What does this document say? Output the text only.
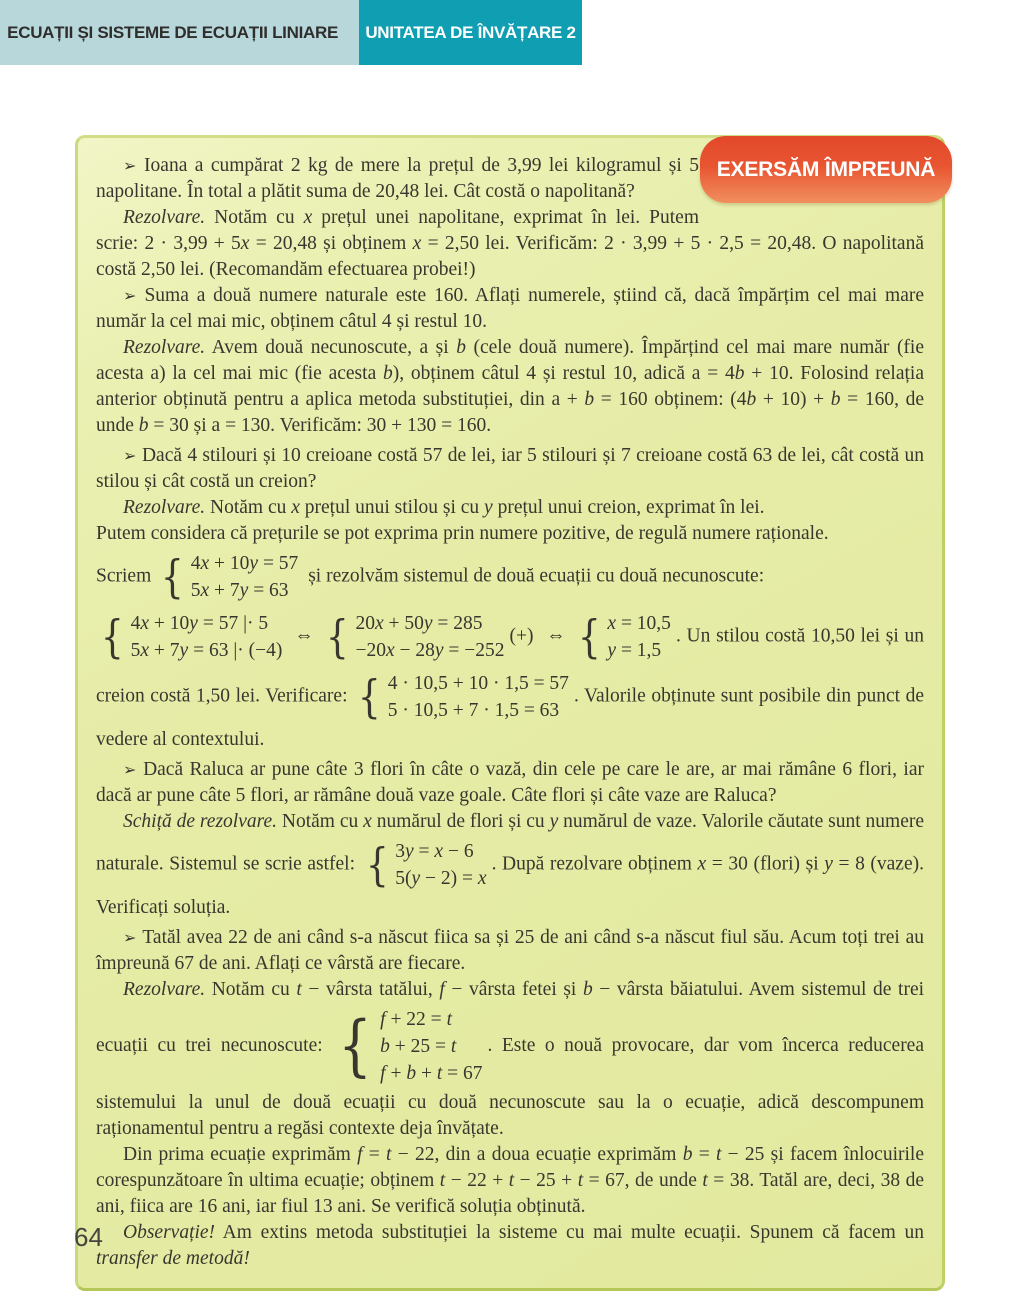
ECUAȚII ȘI SISTEME DE ECUAȚII LINIARE UNITATEA DE ÎNVĂȚARE 2
EXERSĂM ÎMPREUNĂ

➢ Ioana a cumpărat 2 kg de mere la prețul de 3,99 lei kilogramul și 5 napolitane. În total a plătit suma de 20,48 lei. Cât costă o napolitană?

Rezolvare. Notăm cu x prețul unei napolitane, exprimat în lei. Putem scrie: 2 · 3,99 + 5x = 20,48 și obținem x = 2,50 lei. Verificăm: 2 · 3,99 + 5 · 2,5 = 20,48. O napolitană costă 2,50 lei. (Recomandăm efectuarea probei!)

➢ Suma a două numere naturale este 160. Aflați numerele, știind că, dacă împărțim cel mai mare număr la cel mai mic, obținem câtul 4 și restul 10.

Rezolvare. Avem două necunoscute, a și b (cele două numere). Împărțind cel mai mare număr (fie acesta a) la cel mai mic (fie acesta b), obținem câtul 4 și restul 10, adică a = 4b + 10. Folosind relația anterior obținută pentru a aplica metoda substituției, din a + b = 160 obținem: (4b + 10) + b = 160, de unde b = 30 și a = 130. Verificăm: 30 + 130 = 160.

➢ Dacă 4 stilouri și 10 creioane costă 57 de lei, iar 5 stilouri și 7 creioane costă 63 de lei, cât costă un stilou și cât costă un creion?

Rezolvare. Notăm cu x prețul unui stilou și cu y prețul unui creion, exprimat în lei.

Putem considera că prețurile se pot exprima prin numere pozitive, de regulă numere raționale.

Scriem { 4x + 10y = 57
5x + 7y = 63
și rezolvăm sistemul de două ecuații cu două necunoscute:

{ 4x + 10y = 57 |· 5
5x + 7y = 63 |· (−4)
⇔ { 20x + 50y = 285
−20x − 28y = −252
(+) ⇔ { x = 10,5
y = 1,5
. Un stilou costă 10,50 lei și un creion costă 1,50 lei. Verificare: { 4 · 10,5 + 10 · 1,5 = 57
5 · 10,5 + 7 · 1,5 = 63
. Valorile obținute sunt posibile din punct de vedere al contextului.

➢ Dacă Raluca ar pune câte 3 flori în câte o vază, din cele pe care le are, ar mai rămâne 6 flori, iar dacă ar pune câte 5 flori, ar rămâne două vaze goale. Câte flori și câte vaze are Raluca?

Schiță de rezolvare. Notăm cu x numărul de flori și cu y numărul de vaze. Valorile căutate sunt numere naturale. Sistemul se scrie astfel: { 3y = x − 6
5(y − 2) = x
. După rezolvare obținem x = 30 (flori) și y = 8 (vaze). Verificați soluția.

➢ Tatăl avea 22 de ani când s-a născut fiica sa și 25 de ani când s-a născut fiul său. Acum toți trei au împreună 67 de ani. Aflați ce vârstă are fiecare.

Rezolvare. Notăm cu t − vârsta tatălui, f − vârsta fetei și b − vârsta băiatului. Avem sistemul de trei ecuații cu trei necunoscute: { f + 22 = t
b + 25 = t
f + b + t = 67
. Este o nouă provocare, dar vom încerca reducerea sistemului la unul de două ecuații cu două necunoscute sau la o ecuație, adică descompunem raționamentul pentru a regăsi contexte deja învățate.

Din prima ecuație exprimăm f = t − 22, din a doua ecuație exprimăm b = t − 25 și facem înlocuirile corespunzătoare în ultima ecuație; obținem t − 22 + t − 25 + t = 67, de unde t = 38. Tatăl are, deci, 38 de ani, fiica are 16 ani, iar fiul 13 ani. Se verifică soluția obținută.

Observație! Am extins metoda substituției la sisteme cu mai multe ecuații. Spunem că facem un transfer de metodă!

64
